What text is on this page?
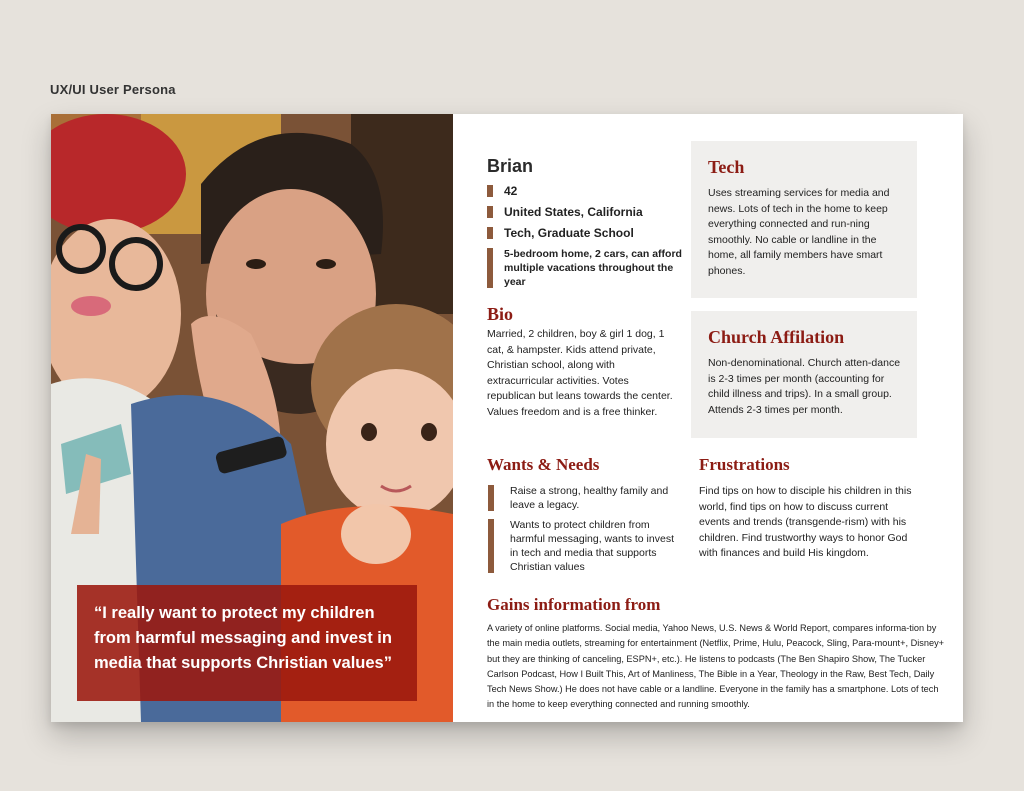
UX/UI User Persona
“I really want to protect my children from harmful messaging and invest in media that supports Christian values”
Brian
42
United States, California
Tech, Graduate School
5-bedroom home, 2 cars, can afford multiple vacations throughout the year
Bio
Married, 2 children, boy & girl 1 dog, 1 cat, & hampster. Kids attend private, Christian school, along with extracurricular activities. Votes republican but leans towards the center. Values freedom and is a free thinker.
Tech
Uses streaming services for media and news. Lots of tech in the home to keep everything connected and run-ning smoothly. No cable or landline in the home, all family members have smart phones.
Church Affilation
Non-denominational. Church atten-dance is 2-3 times per month (accounting for child illness and trips). In a small group. Attends 2-3 times per month.
Wants & Needs
Raise a strong, healthy family and leave a legacy.
Wants to protect children from harmful messaging, wants to invest in tech and media that supports Christian values
Frustrations
Find tips on how to disciple his children in this world, find tips on how to discuss current events and trends (transgende-rism) with his children. Find trustworthy ways to honor God with finances and build His kingdom.
Gains information from
A variety of online platforms. Social media, Yahoo News, U.S. News & World Report, compares informa-tion by the main media outlets, streaming for entertainment (Netflix, Prime, Hulu, Peacock, Sling, Para-mount+, Disney+ but they are thinking of canceling, ESPN+, etc.). He listens to podcasts (The Ben Shapiro Show, The Tucker Carlson Podcast, How I Built This, Art of Manliness, The Bible in a Year, Theology in the Raw, Best Tech, Daily Tech News Show.) He does not have cable or a landline. Everyone in the family has a smartphone. Lots of tech in the home to keep everything connected and running smoothly.
